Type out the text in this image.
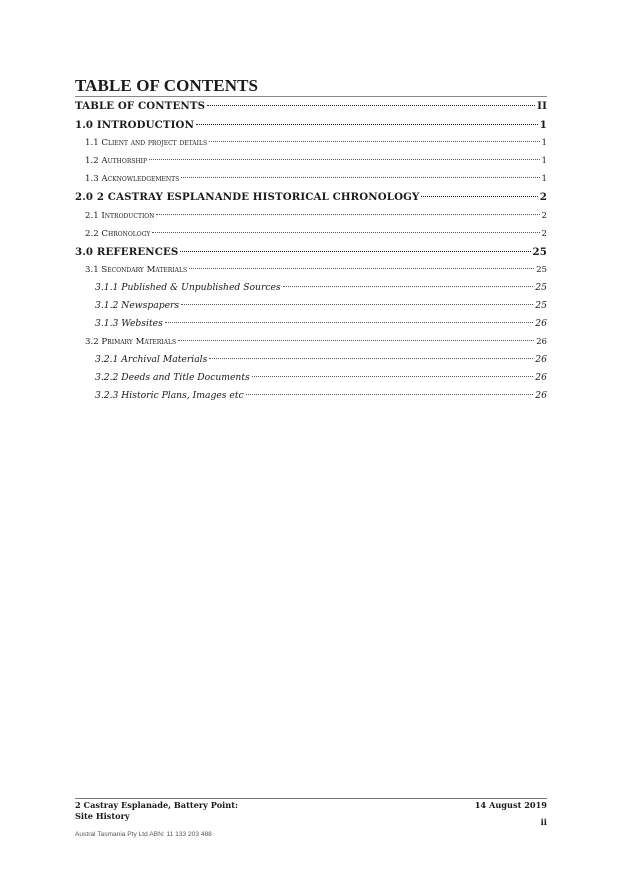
TABLE OF CONTENTS
TABLE OF CONTENTS	II
1.0 INTRODUCTION	1
1.1 Client and project details	1
1.2 Authorship	1
1.3 Acknowledgements	1
2.0 2 CASTRAY ESPLANANDE HISTORICAL CHRONOLOGY	2
2.1 Introduction	2
2.2 Chronology	2
3.0 REFERENCES	25
3.1 Secondary Materials	25
3.1.1 Published & Unpublished Sources	25
3.1.2 Newspapers	25
3.1.3 Websites	26
3.2 Primary Materials	26
3.2.1 Archival Materials	26
3.2.2 Deeds and Title Documents	26
3.2.3 Historic Plans, Images etc	26
2 Castray Esplanade, Battery Point:
Site History
14 August 2019
ii
Austral Tasmania Pty Ltd ABN: 11 133 203 488
